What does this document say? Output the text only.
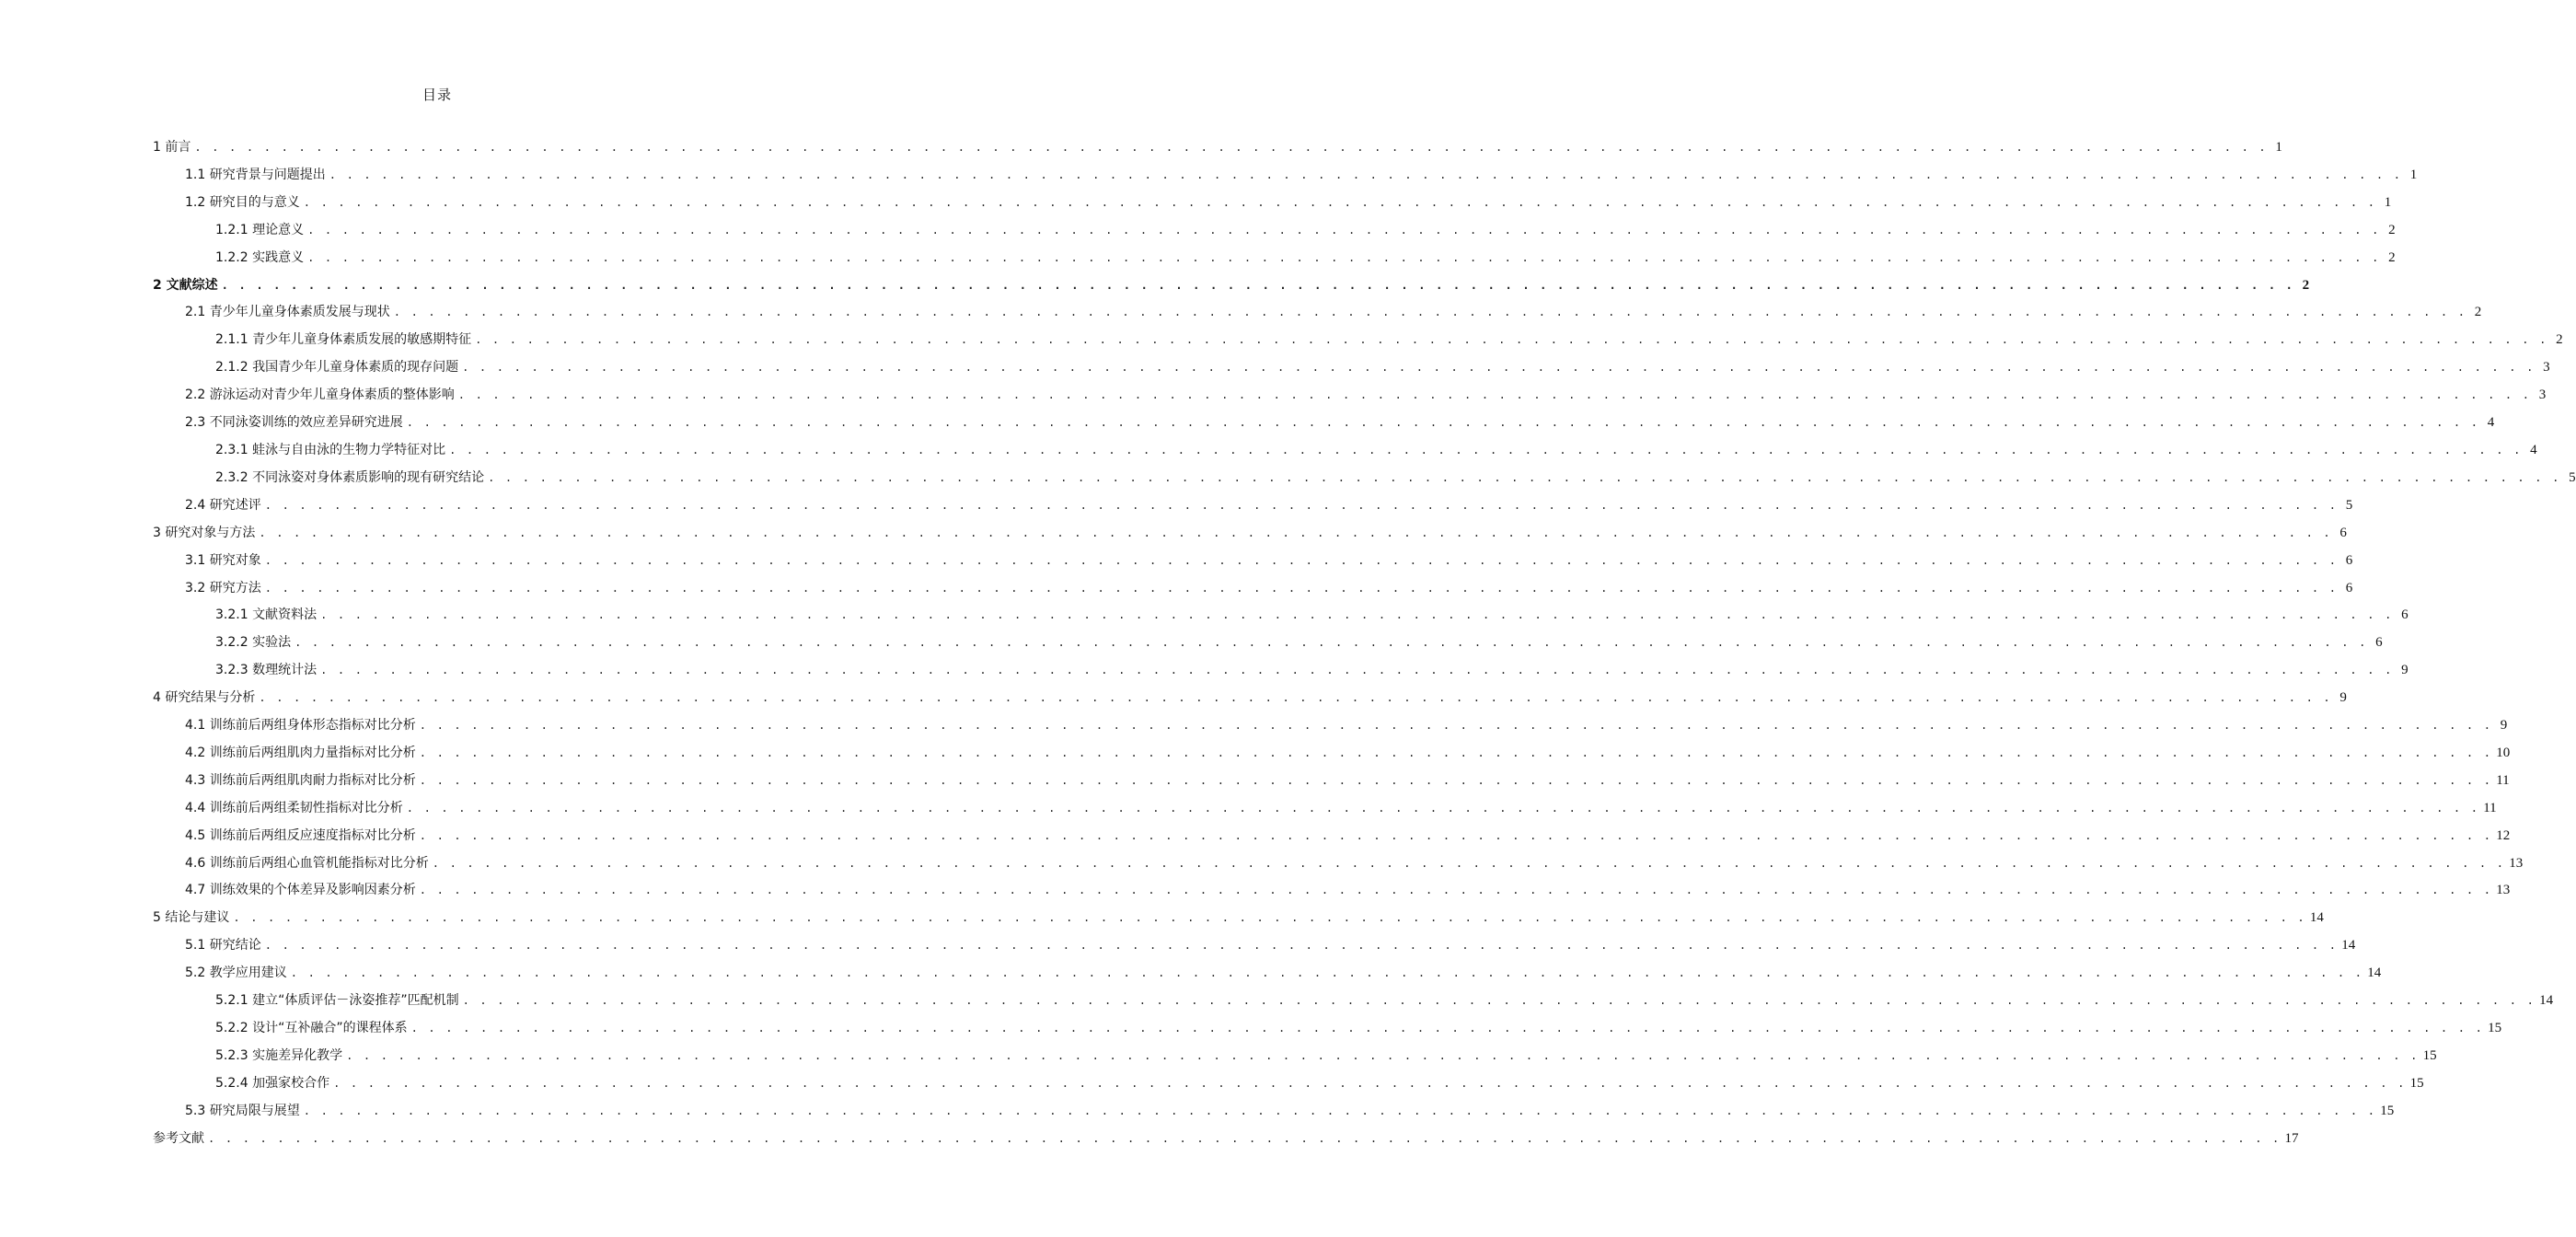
目录
1 前言 . . . . . . . . . . . . . . . . . . . . . . . . . . . . . . . . . . . . . . . . . . . . . . . . . . . . . . . . . . . . . . . . . . . . . . . . . . . . . . . . . . . . . . . . . . . . . . . . . . . . . . . . . . . . . . . . . . . . . . . . 1
1.1 研究背景与问题提出 . . . . . . . . . . . . . . . . . . . . . . . . . . . . . . . . . . . . . . . . . . . . . . . . . . . . . . . . . . . . . . . . . . . . . . . . . . . . . . . . . . . . . . . . . . . . . . . . . . . . . . . . . . . . . . . . . . . . . . . . 1
1.2 研究目的与意义 . . . . . . . . . . . . . . . . . . . . . . . . . . . . . . . . . . . . . . . . . . . . . . . . . . . . . . . . . . . . . . . . . . . . . . . . . . . . . . . . . . . . . . . . . . . . . . . . . . . . . . . . . . . . . . . . . . . . . . . . 1
1.2.1 理论意义 . . . . . . . . . . . . . . . . . . . . . . . . . . . . . . . . . . . . . . . . . . . . . . . . . . . . . . . . . . . . . . . . . . . . . . . . . . . . . . . . . . . . . . . . . . . . . . . . . . . . . . . . . . . . . . . . . . . . . . . . 2
1.2.2 实践意义 . . . . . . . . . . . . . . . . . . . . . . . . . . . . . . . . . . . . . . . . . . . . . . . . . . . . . . . . . . . . . . . . . . . . . . . . . . . . . . . . . . . . . . . . . . . . . . . . . . . . . . . . . . . . . . . . . . . . . . . . 2
2 文献综述 . . . . . . . . . . . . . . . . . . . . . . . . . . . . . . . . . . . . . . . . . . . . . . . . . . . . . . . . . . . . . . . . . . . . . . . . . . . . . . . . . . . . . . . . . . . . . . . . . . . . . . . . . . . . . . . . . . . . . . . . 2
2.1 青少年儿童身体素质发展与现状 . . . . . . . . . . . . . . . . . . . . . . . . . . . . . . . . . . . . . . . . . . . . . . . . . . . . . . . . . . . . . . . . . . . . . . . . . . . . . . . . . . . . . . . . . . . . . . . . . . . . . . . . . . . . . . . . . . . . . . . . 2
2.1.1 青少年儿童身体素质发展的敏感期特征 . . . . . . . . . . . . . . . . . . . . . . . . . . . . . . . . . . . . . . . . . . . . . . . . . . . . . . . . . . . . . . . . . . . . . . . . . . . . . . . . . . . . . . . . . . . . . . . . . . . . . . . . . . . . . . . . . . . . . . . . 2
2.1.2 我国青少年儿童身体素质的现存问题 . . . . . . . . . . . . . . . . . . . . . . . . . . . . . . . . . . . . . . . . . . . . . . . . . . . . . . . . . . . . . . . . . . . . . . . . . . . . . . . . . . . . . . . . . . . . . . . . . . . . . . . . . . . . . . . . . . . . . . . . 3
2.2 游泳运动对青少年儿童身体素质的整体影响 . . . . . . . . . . . . . . . . . . . . . . . . . . . . . . . . . . . . . . . . . . . . . . . . . . . . . . . . . . . . . . . . . . . . . . . . . . . . . . . . . . . . . . . . . . . . . . . . . . . . . . . . . . . . . . . . . . . . . . . . 3
2.3 不同泳姿训练的效应差异研究进展 . . . . . . . . . . . . . . . . . . . . . . . . . . . . . . . . . . . . . . . . . . . . . . . . . . . . . . . . . . . . . . . . . . . . . . . . . . . . . . . . . . . . . . . . . . . . . . . . . . . . . . . . . . . . . . . . . . . . . . . . 4
2.3.1 蛙泳与自由泳的生物力学特征对比 . . . . . . . . . . . . . . . . . . . . . . . . . . . . . . . . . . . . . . . . . . . . . . . . . . . . . . . . . . . . . . . . . . . . . . . . . . . . . . . . . . . . . . . . . . . . . . . . . . . . . . . . . . . . . . . . . . . . . . . . 4
2.3.2 不同泳姿对身体素质影响的现有研究结论 . . . . . . . . . . . . . . . . . . . . . . . . . . . . . . . . . . . . . . . . . . . . . . . . . . . . . . . . . . . . . . . . . . . . . . . . . . . . . . . . . . . . . . . . . . . . . . . . . . . . . . . . . . . . . . . . . . . . . . . . 5
2.4 研究述评 . . . . . . . . . . . . . . . . . . . . . . . . . . . . . . . . . . . . . . . . . . . . . . . . . . . . . . . . . . . . . . . . . . . . . . . . . . . . . . . . . . . . . . . . . . . . . . . . . . . . . . . . . . . . . . . . . . . . . . . . 5
3 研究对象与方法 . . . . . . . . . . . . . . . . . . . . . . . . . . . . . . . . . . . . . . . . . . . . . . . . . . . . . . . . . . . . . . . . . . . . . . . . . . . . . . . . . . . . . . . . . . . . . . . . . . . . . . . . . . . . . . . . . . . . . . . . 6
3.1 研究对象 . . . . . . . . . . . . . . . . . . . . . . . . . . . . . . . . . . . . . . . . . . . . . . . . . . . . . . . . . . . . . . . . . . . . . . . . . . . . . . . . . . . . . . . . . . . . . . . . . . . . . . . . . . . . . . . . . . . . . . . . 6
3.2 研究方法 . . . . . . . . . . . . . . . . . . . . . . . . . . . . . . . . . . . . . . . . . . . . . . . . . . . . . . . . . . . . . . . . . . . . . . . . . . . . . . . . . . . . . . . . . . . . . . . . . . . . . . . . . . . . . . . . . . . . . . . . 6
3.2.1 文献资料法 . . . . . . . . . . . . . . . . . . . . . . . . . . . . . . . . . . . . . . . . . . . . . . . . . . . . . . . . . . . . . . . . . . . . . . . . . . . . . . . . . . . . . . . . . . . . . . . . . . . . . . . . . . . . . . . . . . . . . . . . 6
3.2.2 实验法 . . . . . . . . . . . . . . . . . . . . . . . . . . . . . . . . . . . . . . . . . . . . . . . . . . . . . . . . . . . . . . . . . . . . . . . . . . . . . . . . . . . . . . . . . . . . . . . . . . . . . . . . . . . . . . . . . . . . . . . . 6
3.2.3 数理统计法 . . . . . . . . . . . . . . . . . . . . . . . . . . . . . . . . . . . . . . . . . . . . . . . . . . . . . . . . . . . . . . . . . . . . . . . . . . . . . . . . . . . . . . . . . . . . . . . . . . . . . . . . . . . . . . . . . . . . . . . . 9
4 研究结果与分析 . . . . . . . . . . . . . . . . . . . . . . . . . . . . . . . . . . . . . . . . . . . . . . . . . . . . . . . . . . . . . . . . . . . . . . . . . . . . . . . . . . . . . . . . . . . . . . . . . . . . . . . . . . . . . . . . . . . . . . . . 9
4.1 训练前后两组身体形态指标对比分析 . . . . . . . . . . . . . . . . . . . . . . . . . . . . . . . . . . . . . . . . . . . . . . . . . . . . . . . . . . . . . . . . . . . . . . . . . . . . . . . . . . . . . . . . . . . . . . . . . . . . . . . . . . . . . . . . . . . . . . . . 9
4.2 训练前后两组肌肉力量指标对比分析 . . . . . . . . . . . . . . . . . . . . . . . . . . . . . . . . . . . . . . . . . . . . . . . . . . . . . . . . . . . . . . . . . . . . . . . . . . . . . . . . . . . . . . . . . . . . . . . . . . . . . . . . . . . . . . . . . . . . . . . . 10
4.3 训练前后两组肌肉耐力指标对比分析 . . . . . . . . . . . . . . . . . . . . . . . . . . . . . . . . . . . . . . . . . . . . . . . . . . . . . . . . . . . . . . . . . . . . . . . . . . . . . . . . . . . . . . . . . . . . . . . . . . . . . . . . . . . . . . . . . . . . . . . . 11
4.4 训练前后两组柔韧性指标对比分析 . . . . . . . . . . . . . . . . . . . . . . . . . . . . . . . . . . . . . . . . . . . . . . . . . . . . . . . . . . . . . . . . . . . . . . . . . . . . . . . . . . . . . . . . . . . . . . . . . . . . . . . . . . . . . . . . . . . . . . . . 11
4.5 训练前后两组反应速度指标对比分析 . . . . . . . . . . . . . . . . . . . . . . . . . . . . . . . . . . . . . . . . . . . . . . . . . . . . . . . . . . . . . . . . . . . . . . . . . . . . . . . . . . . . . . . . . . . . . . . . . . . . . . . . . . . . . . . . . . . . . . . . 12
4.6 训练前后两组心血管机能指标对比分析 . . . . . . . . . . . . . . . . . . . . . . . . . . . . . . . . . . . . . . . . . . . . . . . . . . . . . . . . . . . . . . . . . . . . . . . . . . . . . . . . . . . . . . . . . . . . . . . . . . . . . . . . . . . . . . . . . . . . . . . . 13
4.7 训练效果的个体差异及影响因素分析 . . . . . . . . . . . . . . . . . . . . . . . . . . . . . . . . . . . . . . . . . . . . . . . . . . . . . . . . . . . . . . . . . . . . . . . . . . . . . . . . . . . . . . . . . . . . . . . . . . . . . . . . . . . . . . . . . . . . . . . . 13
5 结论与建议 . . . . . . . . . . . . . . . . . . . . . . . . . . . . . . . . . . . . . . . . . . . . . . . . . . . . . . . . . . . . . . . . . . . . . . . . . . . . . . . . . . . . . . . . . . . . . . . . . . . . . . . . . . . . . . . . . . . . . . . . 14
5.1 研究结论 . . . . . . . . . . . . . . . . . . . . . . . . . . . . . . . . . . . . . . . . . . . . . . . . . . . . . . . . . . . . . . . . . . . . . . . . . . . . . . . . . . . . . . . . . . . . . . . . . . . . . . . . . . . . . . . . . . . . . . . . 14
5.2 教学应用建议 . . . . . . . . . . . . . . . . . . . . . . . . . . . . . . . . . . . . . . . . . . . . . . . . . . . . . . . . . . . . . . . . . . . . . . . . . . . . . . . . . . . . . . . . . . . . . . . . . . . . . . . . . . . . . . . . . . . . . . . . 14
5.2.1 建立“体质评估－泳姿推荐”匹配机制 . . . . . . . . . . . . . . . . . . . . . . . . . . . . . . . . . . . . . . . . . . . . . . . . . . . . . . . . . . . . . . . . . . . . . . . . . . . . . . . . . . . . . . . . . . . . . . . . . . . . . . . . . . . . . . . . . . . . . . . . 14
5.2.2 设计“互补融合”的课程体系 . . . . . . . . . . . . . . . . . . . . . . . . . . . . . . . . . . . . . . . . . . . . . . . . . . . . . . . . . . . . . . . . . . . . . . . . . . . . . . . . . . . . . . . . . . . . . . . . . . . . . . . . . . . . . . . . . . . . . . . . 15
5.2.3 实施差异化教学 . . . . . . . . . . . . . . . . . . . . . . . . . . . . . . . . . . . . . . . . . . . . . . . . . . . . . . . . . . . . . . . . . . . . . . . . . . . . . . . . . . . . . . . . . . . . . . . . . . . . . . . . . . . . . . . . . . . . . . . . 15
5.2.4 加强家校合作 . . . . . . . . . . . . . . . . . . . . . . . . . . . . . . . . . . . . . . . . . . . . . . . . . . . . . . . . . . . . . . . . . . . . . . . . . . . . . . . . . . . . . . . . . . . . . . . . . . . . . . . . . . . . . . . . . . . . . . . . 15
5.3 研究局限与展望 . . . . . . . . . . . . . . . . . . . . . . . . . . . . . . . . . . . . . . . . . . . . . . . . . . . . . . . . . . . . . . . . . . . . . . . . . . . . . . . . . . . . . . . . . . . . . . . . . . . . . . . . . . . . . . . . . . . . . . . . 15
参考文献 . . . . . . . . . . . . . . . . . . . . . . . . . . . . . . . . . . . . . . . . . . . . . . . . . . . . . . . . . . . . . . . . . . . . . . . . . . . . . . . . . . . . . . . . . . . . . . . . . . . . . . . . . . . . . . . . . . . . . . . . 17
